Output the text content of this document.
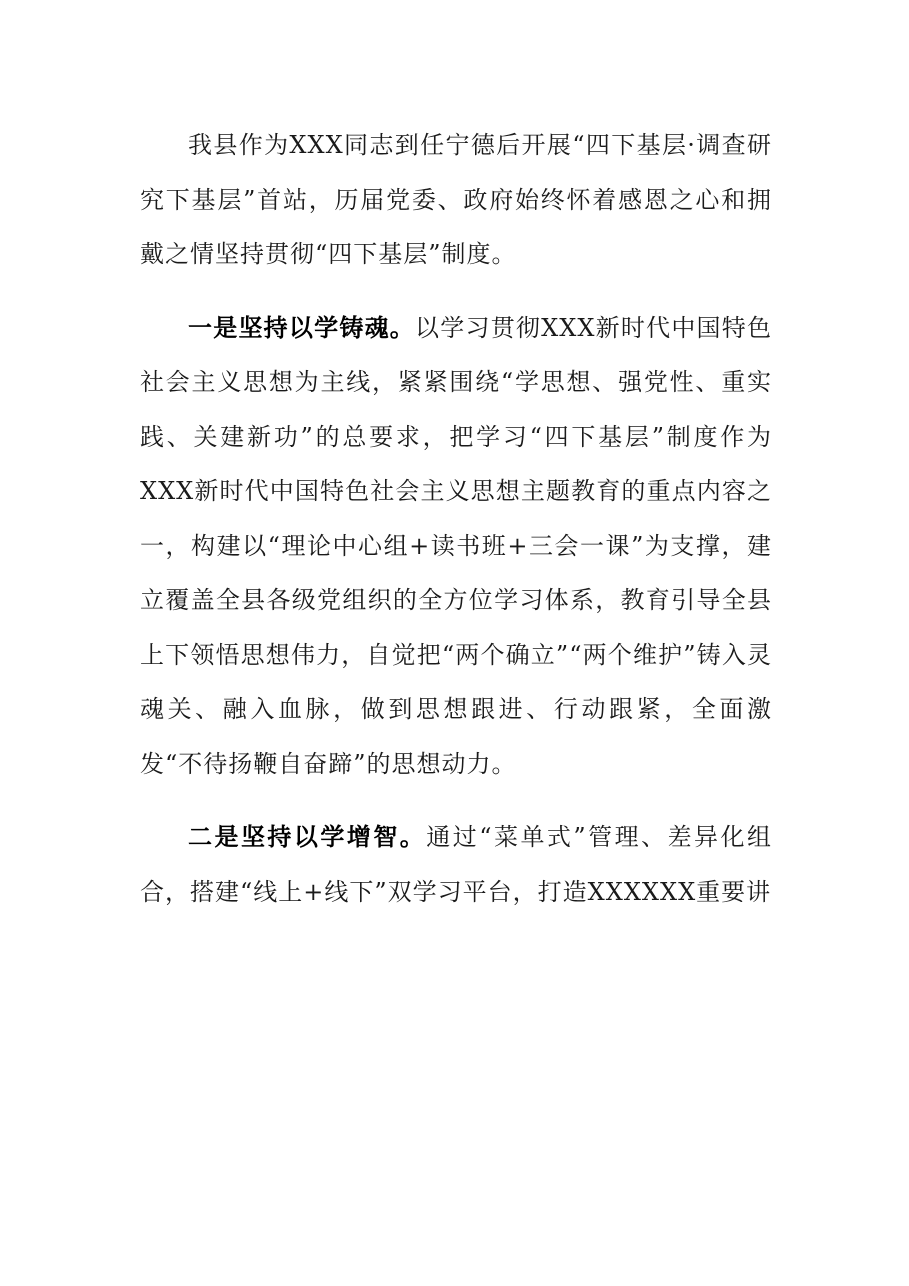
我县作为XXX同志到任宁德后开展“四下基层·调查研究下基层”首站，历届党委、政府始终怀着感恩之心和拥戴之情坚持贯彻“四下基层”制度。

一是坚持以学铸魂。以学习贯彻XXX新时代中国特色社会主义思想为主线，紧紧围绕“学思想、强党性、重实践、关建新功”的总要求，把学习“四下基层”制度作为XXX新时代中国特色社会主义思想主题教育的重点内容之一，构建以“理论中心组+读书班+三会一课”为支撑，建立覆盖全县各级党组织的全方位学习体系，教育引导全县上下领悟思想伟力，自觉把“两个确立”“两个维护”铸入灵魂关、融入血脉，做到思想跟进、行动跟紧，全面激发“不待扬鞭自奋蹄”的思想动力。

二是坚持以学增智。通过“菜单式”管理、差异化组合，搭建“线上+线下”双学习平台，打造XXXXXX重要讲
